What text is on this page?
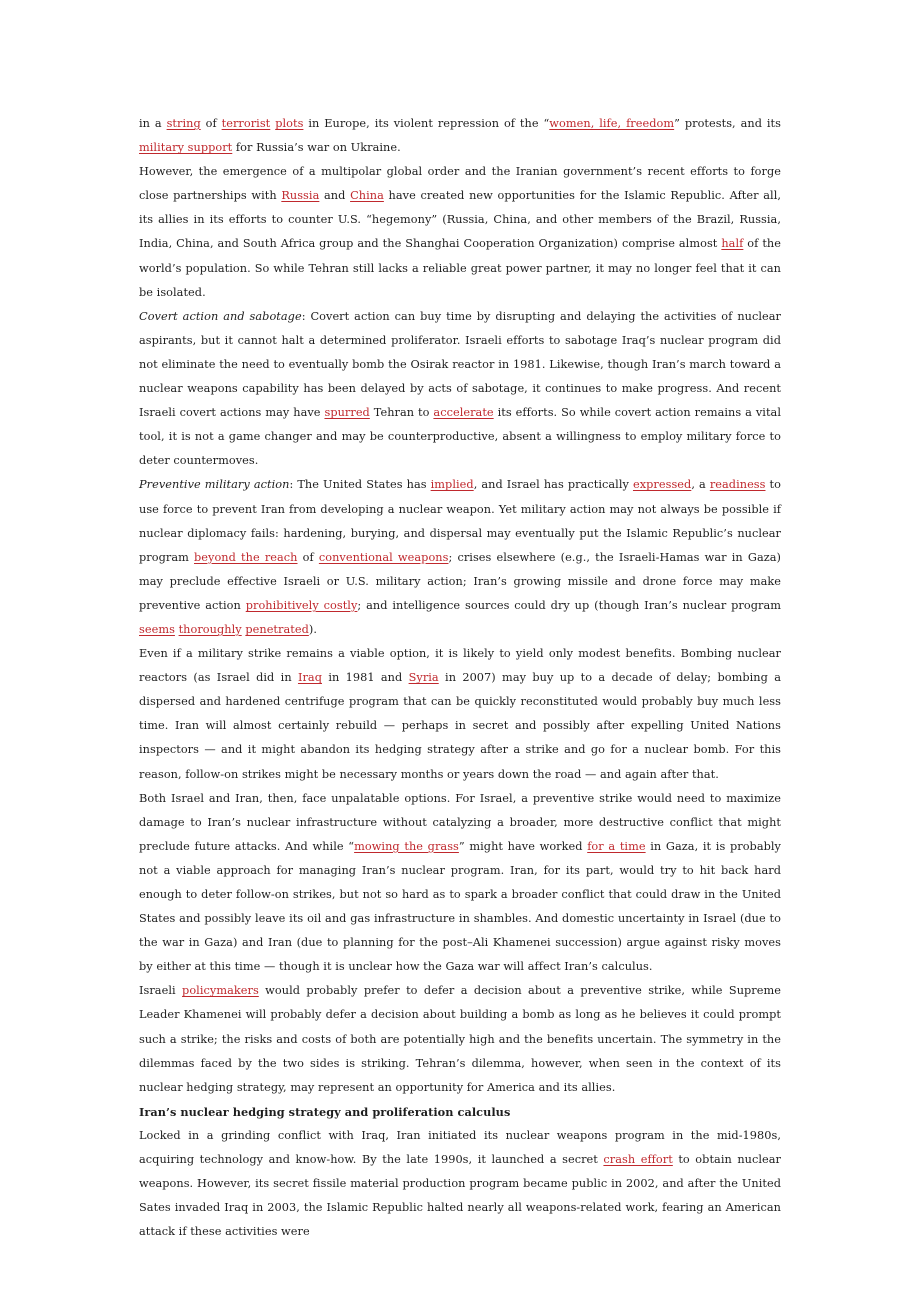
in a string of terrorist plots in Europe, its violent repression of the “women, life, freedom” protests, and its military support for Russia’s war on Ukraine.

However, the emergence of a multipolar global order and the Iranian government’s recent efforts to forge close partnerships with Russia and China have created new opportunities for the Islamic Republic. After all, its allies in its efforts to counter U.S. “hegemony” (Russia, China, and other members of the Brazil, Russia, India, China, and South Africa group and the Shanghai Cooperation Organization) comprise almost half of the world’s population. So while Tehran still lacks a reliable great power partner, it may no longer feel that it can be isolated.

Covert action and sabotage: Covert action can buy time by disrupting and delaying the activities of nuclear aspirants, but it cannot halt a determined proliferator. Israeli efforts to sabotage Iraq’s nuclear program did not eliminate the need to eventually bomb the Osirak reactor in 1981. Likewise, though Iran’s march toward a nuclear weapons capability has been delayed by acts of sabotage, it continues to make progress. And recent Israeli covert actions may have spurred Tehran to accelerate its efforts. So while covert action remains a vital tool, it is not a game changer and may be counterproductive, absent a willingness to employ military force to deter countermoves.

Preventive military action: The United States has implied, and Israel has practically expressed, a readiness to use force to prevent Iran from developing a nuclear weapon. Yet military action may not always be possible if nuclear diplomacy fails: hardening, burying, and dispersal may eventually put the Islamic Republic’s nuclear program beyond the reach of conventional weapons; crises elsewhere (e.g., the Israeli-Hamas war in Gaza) may preclude effective Israeli or U.S. military action; Iran’s growing missile and drone force may make preventive action prohibitively costly; and intelligence sources could dry up (though Iran’s nuclear program seems thoroughly penetrated).

Even if a military strike remains a viable option, it is likely to yield only modest benefits. Bombing nuclear reactors (as Israel did in Iraq in 1981 and Syria in 2007) may buy up to a decade of delay; bombing a dispersed and hardened centrifuge program that can be quickly reconstituted would probably buy much less time. Iran will almost certainly rebuild — perhaps in secret and possibly after expelling United Nations inspectors — and it might abandon its hedging strategy after a strike and go for a nuclear bomb. For this reason, follow-on strikes might be necessary months or years down the road — and again after that.

Both Israel and Iran, then, face unpalatable options. For Israel, a preventive strike would need to maximize damage to Iran’s nuclear infrastructure without catalyzing a broader, more destructive conflict that might preclude future attacks. And while “mowing the grass” might have worked for a time in Gaza, it is probably not a viable approach for managing Iran’s nuclear program. Iran, for its part, would try to hit back hard enough to deter follow-on strikes, but not so hard as to spark a broader conflict that could draw in the United States and possibly leave its oil and gas infrastructure in shambles. And domestic uncertainty in Israel (due to the war in Gaza) and Iran (due to planning for the post–Ali Khamenei succession) argue against risky moves by either at this time — though it is unclear how the Gaza war will affect Iran’s calculus.

Israeli policymakers would probably prefer to defer a decision about a preventive strike, while Supreme Leader Khamenei will probably defer a decision about building a bomb as long as he believes it could prompt such a strike; the risks and costs of both are potentially high and the benefits uncertain. The symmetry in the dilemmas faced by the two sides is striking. Tehran’s dilemma, however, when seen in the context of its nuclear hedging strategy, may represent an opportunity for America and its allies.

Iran’s nuclear hedging strategy and proliferation calculus

Locked in a grinding conflict with Iraq, Iran initiated its nuclear weapons program in the mid-1980s, acquiring technology and know-how. By the late 1990s, it launched a secret crash effort to obtain nuclear weapons. However, its secret fissile material production program became public in 2002, and after the United Sates invaded Iraq in 2003, the Islamic Republic halted nearly all weapons-related work, fearing an American attack if these activities were
